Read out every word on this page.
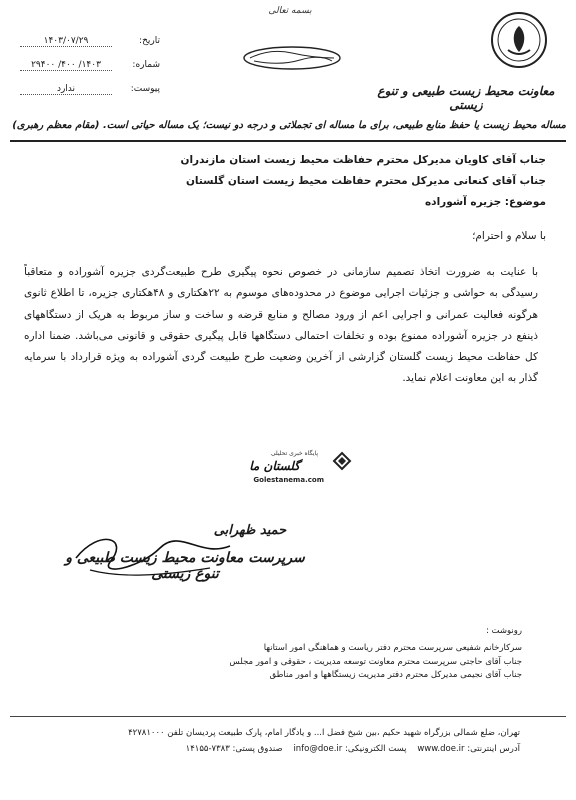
بسمه تعالی
معاونت محیط زیست طبیعی و تنوع زیستی
تاریخ:
۱۴۰۳/۰۷/۲۹
شماره:
۱۴۰۳/ ۴۰۰/ ۲۹۴۰۰
پیوست:
ندارد
مساله محیط زیست یا حفظ منابع طبیعی، برای ما مساله ای تجملاتی و درجه دو نیست؛ یک مساله حیاتی است. (مقام معظم رهبری)
جناب آقای کاویان مدیرکل محترم حفاظت محیط زیست استان مازندران
جناب آقای کنعانی مدیرکل محترم حفاظت محیط زیست استان گلستان
موضوع: جزیره آشوراده
با سلام و احترام؛
با عنایت به ضرورت اتخاذ تصمیم سازمانی در خصوص نحوه پیگیری طرح طبیعت‌گردی جزیره آشوراده و متعاقباً رسیدگی به حواشی و جزئیات اجرایی موضوع در محدوده‌های موسوم به ۲۲هکتاری و ۴۸هکتاری جزیره، تا اطلاع ثانوی هرگونه فعالیت عمرانی و اجرایی اعم از ورود مصالح و منابع قرضه و ساخت و ساز مربوط به هریک از دستگاههای ذینفع در جزیره آشوراده ممنوع بوده و تخلفات احتمالی دستگاهها قابل پیگیری حقوقی و قانونی می‌باشد. ضمنا اداره کل حفاظت محیط زیست گلستان گزارشی از آخرین وضعیت طرح طبیعت گردی آشوراده به ویژه قرارداد با سرمایه گذار به این معاونت اعلام نماید.
پایگاه خبری تحلیلی
گلستان ما
Golestanema.com
حمید ظهرابی
سرپرست معاونت محیط زیست طبیعی و تنوع زیستی
رونوشت :
سرکارخانم شفیعی سرپرست محترم دفتر ریاست و هماهنگی امور استانها
جناب آقای حاجتی سرپرست محترم معاونت توسعه مدیریت ، حقوقی و امور مجلس
جناب آقای نجیمی مدیرکل محترم دفتر مدیریت زیستگاهها و امور مناطق
تهران، ضلع شمالی بزرگراه شهید حکیم ،بین شیخ فضل ا... و یادگار امام، پارک طبیعت پردیسان تلفن ۴۲۷۸۱۰۰۰
آدرس اینترنتی: www.doe.ir    پست الکترونیکی: info@doe.ir    صندوق پستی: ۷۳۸۳-۱۴۱۵۵
